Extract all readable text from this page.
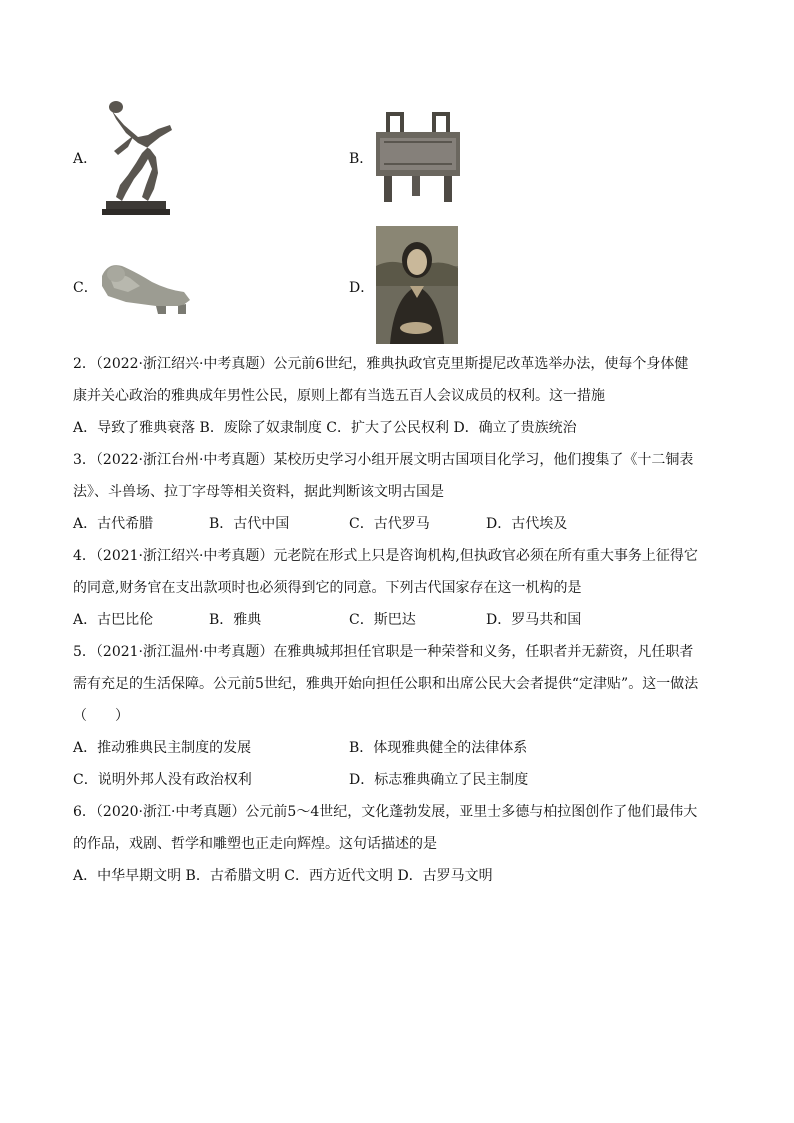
A．	B．
C．	D．
2．（2022·浙江绍兴·中考真题）公元前6世纪，雅典执政官克里斯提尼改革选举办法，使每个身体健
康并关心政治的雅典成年男性公民，原则上都有当选五百人会议成员的权利。这一措施
A．导致了雅典衰落 B．废除了奴隶制度 C．扩大了公民权利 D．确立了贵族统治
3．（2022·浙江台州·中考真题）某校历史学习小组开展文明古国项目化学习，他们搜集了《十二铜表
法》、斗兽场、拉丁字母等相关资料，据此判断该文明古国是
A．古代希腊	B．古代中国	C．古代罗马	D．古代埃及
4．（2021·浙江绍兴·中考真题）元老院在形式上只是咨询机构,但执政官必须在所有重大事务上征得它
的同意,财务官在支出款项时也必须得到它的同意。下列古代国家存在这一机构的是
A．古巴比伦	B．雅典	C．斯巴达	D．罗马共和国
5．（2021·浙江温州·中考真题）在雅典城邦担任官职是一种荣誉和义务，任职者并无薪资，凡任职者
需有充足的生活保障。公元前5世纪，雅典开始向担任公职和出席公民大会者提供“定津贴”。这一做法
（　　）
A．推动雅典民主制度的发展	B．体现雅典健全的法律体系
C．说明外邦人没有政治权利	D．标志雅典确立了民主制度
6．（2020·浙江·中考真题）公元前5～4世纪，文化蓬勃发展，亚里士多德与柏拉图创作了他们最伟大
的作品，戏剧、哲学和雕塑也正走向辉煌。这句话描述的是
A．中华早期文明 B．古希腊文明 C．西方近代文明 D．古罗马文明
